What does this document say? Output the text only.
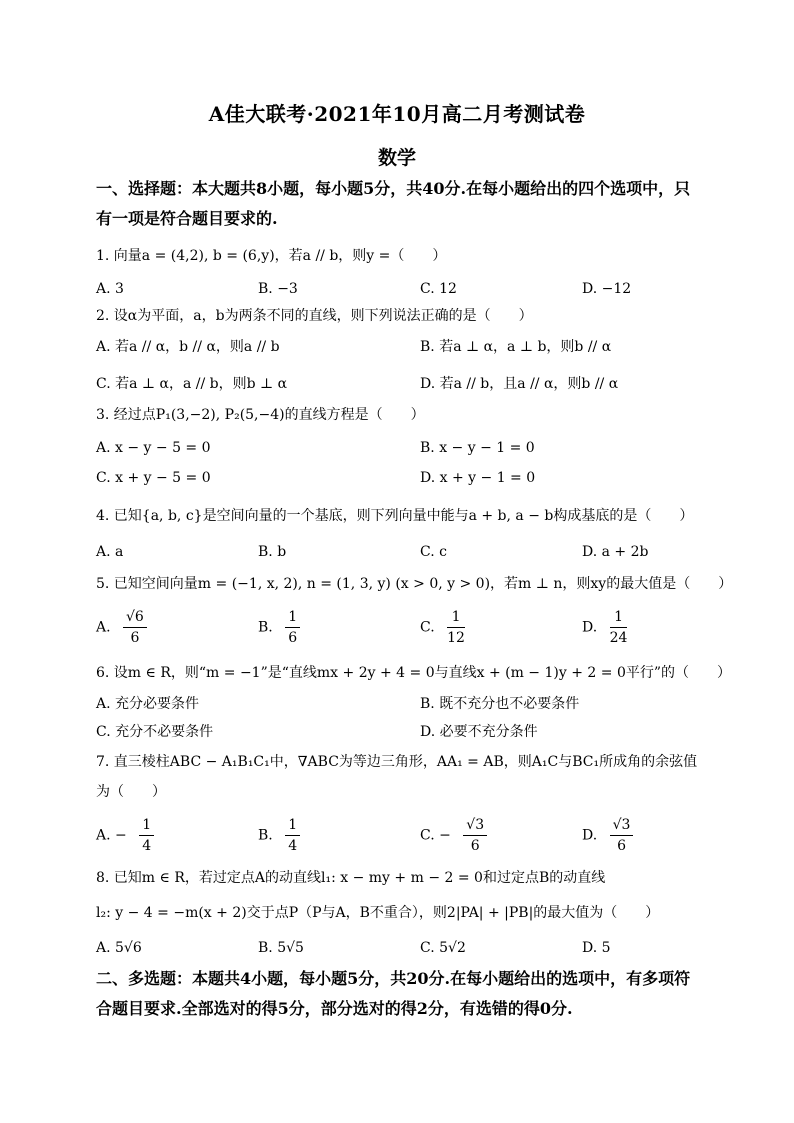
A佳大联考·2021年10月高二月考测试卷
数学
一、选择题：本大题共8小题，每小题5分，共40分.在每小题给出的四个选项中，只
有一项是符合题目要求的.
1. 向量a = (4,2), b = (6,y)，若a // b，则y =（　　）
A. 3	B. −3	C. 12	D. −12
2. 设α为平面，a，b为两条不同的直线，则下列说法正确的是（　　）
A. 若a // α，b // α，则a // b	B. 若a ⊥ α，a ⊥ b，则b // α
C. 若a ⊥ α，a // b，则b ⊥ α	D. 若a // b，且a // α，则b // α
3. 经过点P₁(3,−2), P₂(5,−4)的直线方程是（　　）
A. x − y − 5 = 0	B. x − y − 1 = 0
C. x + y − 5 = 0	D. x + y − 1 = 0
4. 已知{a, b, c}是空间向量的一个基底，则下列向量中能与a + b, a − b构成基底的是（　　）
A. a	B. b	C. c	D. a + 2b
5. 已知空间向量m = (−1, x, 2), n = (1, 3, y) (x > 0, y > 0)，若m ⊥ n，则xy的最大值是（　　）
A. $\frac{√6}{6}$	B. $\frac{1}{6}$	C. $\frac{1}{12}$	D. $\frac{1}{24}$
6. 设m ∈ R，则“m = −1”是“直线mx + 2y + 4 = 0与直线x + (m − 1)y + 2 = 0平行”的（　　）
A. 充分必要条件	B. 既不充分也不必要条件
C. 充分不必要条件	D. 必要不充分条件
7. 直三棱柱ABC − A₁B₁C₁中，∇ABC为等边三角形，AA₁ = AB，则A₁C与BC₁所成角的余弦值为（　　）
A. − $\frac{1}{4}$	B. $\frac{1}{4}$	C. − $\frac{√3}{6}$	D. $\frac{√3}{6}$
8. 已知m ∈ R，若过定点A的动直线l₁: x − my + m − 2 = 0和过定点B的动直线
l₂: y − 4 = −m(x + 2)交于点P（P与A，B不重合），则2|PA| + |PB|的最大值为（　　）
A. 5√6	B. 5√5	C. 5√2	D. 5
二、多选题：本题共4小题，每小题5分，共20分.在每小题给出的选项中，有多项符
合题目要求.全部选对的得5分，部分选对的得2分，有选错的得0分.
